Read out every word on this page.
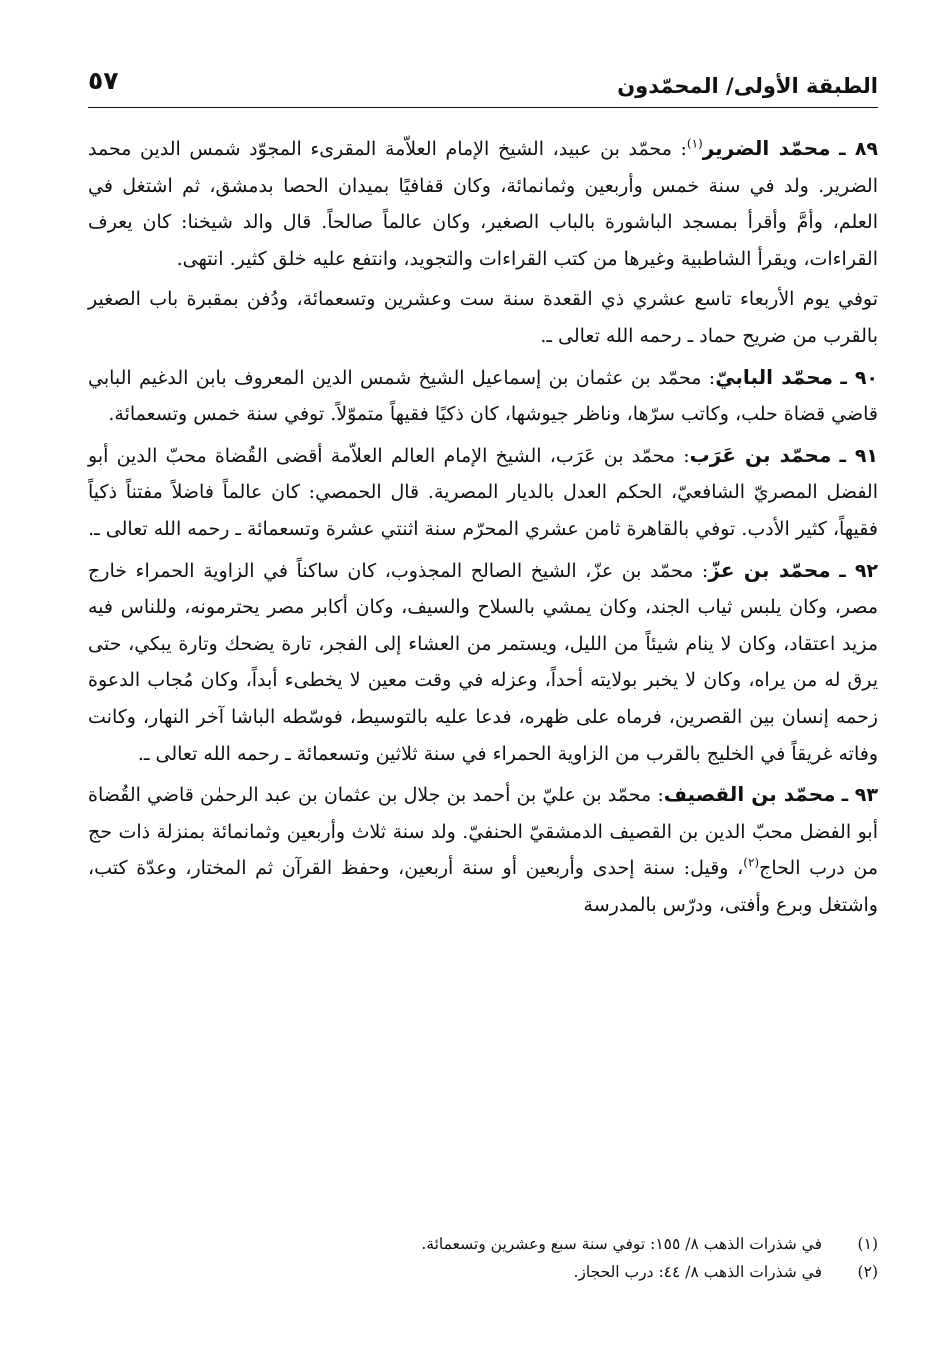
الطبقة الأولى/ المحمّدون
٥٧

٨٩ ـ محمّد الضرير$^{(١)}$: محمّد بن عبيد، الشيخ الإمام العلاّمة المقرىء المجوّد شمس الدين محمد الضرير. ولد في سنة خمس وأربعين وثمانمائة، وكان قفافيًا بميدان الحصا بدمشق، ثم اشتغل في العلم، وأمَّ وأقرأ بمسجد الباشورة بالباب الصغير، وكان عالماً صالحاً. قال والد شيخنا: كان يعرف القراءات، ويقرأ الشاطبية وغيرها من كتب القراءات والتجويد، وانتفع عليه خلق كثير. انتهى.

توفي يوم الأربعاء تاسع عشري ذي القعدة سنة ست وعشرين وتسعمائة، ودُفن بمقبرة باب الصغير بالقرب من ضريح حماد ـ رحمه الله تعالى ـ.

٩٠ ـ محمّد البابيّ: محمّد بن عثمان بن إسماعيل الشيخ شمس الدين المعروف بابن الدغيم البابي قاضي قضاة حلب، وكاتب سرّها، وناظر جيوشها، كان ذكيًا فقيهاً متموّلاً. توفي سنة خمس وتسعمائة.

٩١ ـ محمّد بن عَرَب: محمّد بن عَرَب، الشيخ الإمام العالم العلاّمة أقضى القُضاة محبّ الدين أبو الفضل المصريّ الشافعيّ، الحكم العدل بالديار المصرية. قال الحمصي: كان عالماً فاضلاً مفتناً ذكياً فقيهاً، كثير الأدب. توفي بالقاهرة ثامن عشري المحرّم سنة اثنتي عشرة وتسعمائة ـ رحمه الله تعالى ـ.

٩٢ ـ محمّد بن عزّ: محمّد بن عزّ، الشيخ الصالح المجذوب، كان ساكناً في الزاوية الحمراء خارج مصر، وكان يلبس ثياب الجند، وكان يمشي بالسلاح والسيف، وكان أكابر مصر يحترمونه، وللناس فيه مزيد اعتقاد، وكان لا ينام شيئاً من الليل، ويستمر من العشاء إلى الفجر، تارة يضحك وتارة يبكي، حتى يرق له من يراه، وكان لا يخبر بولايته أحداً، وعزله في وقت معين لا يخطىء أبداً، وكان مُجاب الدعوة زحمه إنسان بين القصرين، فرماه على ظهره، فدعا عليه بالتوسيط، فوسّطه الباشا آخر النهار، وكانت وفاته غريقاً في الخليج بالقرب من الزاوية الحمراء في سنة ثلاثين وتسعمائة ـ رحمه الله تعالى ـ.

٩٣ ـ محمّد بن القصيف: محمّد بن عليّ بن أحمد بن جلال بن عثمان بن عبد الرحمٰن قاضي القُضاة أبو الفضل محبّ الدين بن القصيف الدمشقيّ الحنفيّ. ولد سنة ثلاث وأربعين وثمانمائة بمنزلة ذات حج من درب الحاج$^{(٢)}$، وقيل: سنة إحدى وأربعين أو سنة أربعين، وحفظ القرآن ثم المختار، وعدّة كتب، واشتغل وبرع وأفتى، ودرّس بالمدرسة

(١)
في شذرات الذهب ٨/ ١٥٥: توفي سنة سبع وعشرين وتسعمائة.
(٢)
في شذرات الذهب ٨/ ٤٤: درب الحجاز.
